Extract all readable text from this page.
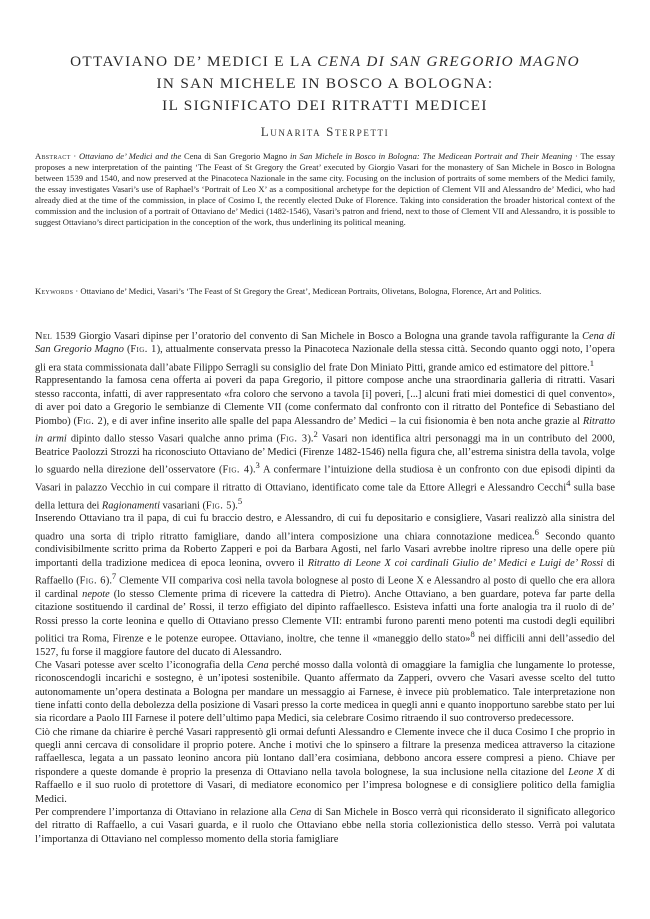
OTTAVIANO DE’ MEDICI E LA CENA DI SAN GREGORIO MAGNO
IN SAN MICHELE IN BOSCO A BOLOGNA:
IL SIGNIFICATO DEI RITRATTI MEDICEI
Lunarita Sterpetti
Abstract · Ottaviano de’ Medici and the Cena di San Gregorio Magno in San Michele in Bosco in Bologna: The Medicean Portrait and Their Meaning · The essay proposes a new interpretation of the painting ‘The Feast of St Gregory the Great’ executed by Giorgio Vasari for the monastery of San Michele in Bosco in Bologna between 1539 and 1540, and now preserved at the Pinacoteca Nazionale in the same city. Focusing on the inclusion of portraits of some members of the Medici family, the essay investigates Vasari’s use of Raphael’s ‘Portrait of Leo X’ as a compositional archetype for the depiction of Clement VII and Alessandro de’ Medici, who had already died at the time of the commission, in place of Cosimo I, the recently elected Duke of Florence. Taking into consideration the broader historical context of the commission and the inclusion of a portrait of Ottaviano de’ Medici (1482-1546), Vasari’s patron and friend, next to those of Clement VII and Alessandro, it is possible to suggest Ottaviano’s direct participation in the conception of the work, thus underlining its political meaning.
Keywords · Ottaviano de’ Medici, Vasari’s ‘The Feast of St Gregory the Great’, Medicean Portraits, Olivetans, Bologna, Florence, Art and Politics.

Nel 1539 Giorgio Vasari dipinse per l’oratorio del convento di San Michele in Bosco a Bologna una grande tavola raffigurante la Cena di San Gregorio Magno (Fig. 1), attualmente conservata presso la Pinacoteca Nazionale della stessa città. Secondo quanto oggi noto, l’opera gli era stata commissionata dall’abate Filippo Serragli su consiglio del frate Don Miniato Pitti, grande amico ed estimatore del pittore.$^1$

Rappresentando la famosa cena offerta ai poveri da papa Gregorio, il pittore compose anche una straordinaria galleria di ritratti. Vasari stesso racconta, infatti, di aver rappresentato «fra coloro che servono a tavola [i] poveri, [...] alcuni frati miei domestici di quel convento», di aver poi dato a Gregorio le sembianze di Clemente VII (come confermato dal confronto con il ritratto del Pontefice di Sebastiano del Piombo) (Fig. 2), e di aver infine inserito alle spalle del papa Alessandro de’ Medici – la cui fisionomia è ben nota anche grazie al Ritratto in armi dipinto dallo stesso Vasari qualche anno prima (Fig. 3).$^2$ Vasari non identifica altri personaggi ma in un contributo del 2000, Beatrice Paolozzi Strozzi ha riconosciuto Ottaviano de’ Medici (Firenze 1482-1546) nella figura che, all’estrema sinistra della tavola, volge lo sguardo nella direzione dell’osservatore (Fig. 4).$^3$ A confermare l’intuizione della studiosa è un confronto con due episodi dipinti da Vasari in palazzo Vecchio in cui compare il ritratto di Ottaviano, identificato come tale da Ettore Allegri e Alessandro Cecchi$^4$ sulla base della lettura dei Ragionamenti vasariani (Fig. 5).$^5$

Inserendo Ottaviano tra il papa, di cui fu braccio destro, e Alessandro, di cui fu depositario e consigliere, Vasari realizzò alla sinistra del quadro una sorta di triplo ritratto famigliare, dando all’intera composizione una chiara connotazione medicea.$^6$ Secondo quanto condivisibilmente scritto prima da Roberto Zapperi e poi da Barbara Agosti, nel farlo Vasari avrebbe inoltre ripreso una delle opere più importanti della tradizione medicea di epoca leonina, ovvero il Ritratto di Leone X coi cardinali Giulio de’ Medici e Luigi de’ Rossi di Raffaello (Fig. 6).$^7$ Clemente VII compariva così nella tavola bolognese al posto di Leone X e Alessandro al posto di quello che era allora il cardinal nepote (lo stesso Clemente prima di ricevere la cattedra di Pietro). Anche Ottaviano, a ben guardare, poteva far parte della citazione sostituendo il cardinal de’ Rossi, il terzo effigiato del dipinto raffaellesco. Esisteva infatti una forte analogia tra il ruolo di de’ Rossi presso la corte leonina e quello di Ottaviano presso Clemente VII: entrambi furono parenti meno potenti ma custodi degli equilibri politici tra Roma, Firenze e le potenze europee. Ottaviano, inoltre, che tenne il «maneggio dello stato»$^8$ nei difficili anni dell’assedio del 1527, fu forse il maggiore fautore del ducato di Alessandro.

Che Vasari potesse aver scelto l’iconografia della Cena perché mosso dalla volontà di omaggiare la famiglia che lungamente lo protesse, riconoscendogli incarichi e sostegno, è un’ipotesi sostenibile. Quanto affermato da Zapperi, ovvero che Vasari avesse scelto del tutto autonomamente un’opera destinata a Bologna per mandare un messaggio ai Farnese, è invece più problematico. Tale interpretazione non tiene infatti conto della debolezza della posizione di Vasari presso la corte medicea in quegli anni e quanto inopportuno sarebbe stato per lui sia ricordare a Paolo III Farnese il potere dell’ultimo papa Medici, sia celebrare Cosimo ritraendo il suo controverso predecessore.

Ciò che rimane da chiarire è perché Vasari rappresentò gli ormai defunti Alessandro e Clemente invece che il duca Cosimo I che proprio in quegli anni cercava di consolidare il proprio potere. Anche i motivi che lo spinsero a filtrare la presenza medicea attraverso la citazione raffaellesca, legata a un passato leonino ancora più lontano dall’era cosimiana, debbono ancora essere compresi a pieno. Chiave per rispondere a queste domande è proprio la presenza di Ottaviano nella tavola bolognese, la sua inclusione nella citazione del Leone X di Raffaello e il suo ruolo di protettore di Vasari, di mediatore economico per l’impresa bolognese e di consigliere politico della famiglia Medici.

Per comprendere l’importanza di Ottaviano in relazione alla Cena di San Michele in Bosco verrà qui riconsiderato il significato allegorico del ritratto di Raffaello, a cui Vasari guarda, e il ruolo che Ottaviano ebbe nella storia collezionistica dello stesso. Verrà poi valutata l’importanza di Ottaviano nel complesso momento della storia famigliare
